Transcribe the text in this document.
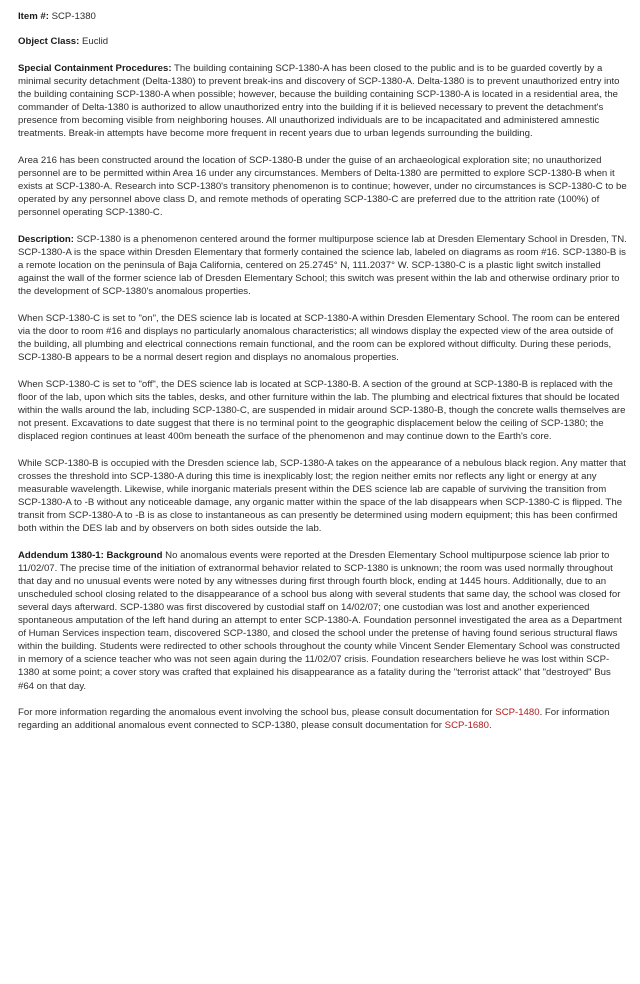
Item #: SCP-1380

Object Class: Euclid

Special Containment Procedures: The building containing SCP-1380-A has been closed to the public and is to be guarded covertly by a minimal security detachment (Delta-1380) to prevent break-ins and discovery of SCP-1380-A. Delta-1380 is to prevent unauthorized entry into the building containing SCP-1380-A when possible; however, because the building containing SCP-1380-A is located in a residential area, the commander of Delta-1380 is authorized to allow unauthorized entry into the building if it is believed necessary to prevent the detachment's presence from becoming visible from neighboring houses. All unauthorized individuals are to be incapacitated and administered amnestic treatments. Break-in attempts have become more frequent in recent years due to urban legends surrounding the building.

Area 216 has been constructed around the location of SCP-1380-B under the guise of an archaeological exploration site; no unauthorized personnel are to be permitted within Area 16 under any circumstances. Members of Delta-1380 are permitted to explore SCP-1380-B when it exists at SCP-1380-A. Research into SCP-1380's transitory phenomenon is to continue; however, under no circumstances is SCP-1380-C to be operated by any personnel above class D, and remote methods of operating SCP-1380-C are preferred due to the attrition rate (100%) of personnel operating SCP-1380-C.

Description: SCP-1380 is a phenomenon centered around the former multipurpose science lab at Dresden Elementary School in Dresden, TN. SCP-1380-A is the space within Dresden Elementary that formerly contained the science lab, labeled on diagrams as room #16. SCP-1380-B is a remote location on the peninsula of Baja California, centered on 25.2745° N, 111.2037° W. SCP-1380-C is a plastic light switch installed against the wall of the former science lab of Dresden Elementary School; this switch was present within the lab and otherwise ordinary prior to the development of SCP-1380's anomalous properties.

When SCP-1380-C is set to "on", the DES science lab is located at SCP-1380-A within Dresden Elementary School. The room can be entered via the door to room #16 and displays no particularly anomalous characteristics; all windows display the expected view of the area outside of the building, all plumbing and electrical connections remain functional, and the room can be explored without difficulty. During these periods, SCP-1380-B appears to be a normal desert region and displays no anomalous properties.

When SCP-1380-C is set to "off", the DES science lab is located at SCP-1380-B. A section of the ground at SCP-1380-B is replaced with the floor of the lab, upon which sits the tables, desks, and other furniture within the lab. The plumbing and electrical fixtures that should be located within the walls around the lab, including SCP-1380-C, are suspended in midair around SCP-1380-B, though the concrete walls themselves are not present. Excavations to date suggest that there is no terminal point to the geographic displacement below the ceiling of SCP-1380; the displaced region continues at least 400m beneath the surface of the phenomenon and may continue down to the Earth's core.

While SCP-1380-B is occupied with the Dresden science lab, SCP-1380-A takes on the appearance of a nebulous black region. Any matter that crosses the threshold into SCP-1380-A during this time is inexplicably lost; the region neither emits nor reflects any light or energy at any measurable wavelength. Likewise, while inorganic materials present within the DES science lab are capable of surviving the transition from SCP-1380-A to -B without any noticeable damage, any organic matter within the space of the lab disappears when SCP-1380-C is flipped. The transit from SCP-1380-A to -B is as close to instantaneous as can presently be determined using modern equipment; this has been confirmed both within the DES lab and by observers on both sides outside the lab.

Addendum 1380-1: Background No anomalous events were reported at the Dresden Elementary School multipurpose science lab prior to 11/02/07. The precise time of the initiation of extranormal behavior related to SCP-1380 is unknown; the room was used normally throughout that day and no unusual events were noted by any witnesses during first through fourth block, ending at 1445 hours. Additionally, due to an unscheduled school closing related to the disappearance of a school bus along with several students that same day, the school was closed for several days afterward. SCP-1380 was first discovered by custodial staff on 14/02/07; one custodian was lost and another experienced spontaneous amputation of the left hand during an attempt to enter SCP-1380-A. Foundation personnel investigated the area as a Department of Human Services inspection team, discovered SCP-1380, and closed the school under the pretense of having found serious structural flaws within the building. Students were redirected to other schools throughout the county while Vincent Sender Elementary School was constructed in memory of a science teacher who was not seen again during the 11/02/07 crisis. Foundation researchers believe he was lost within SCP-1380 at some point; a cover story was crafted that explained his disappearance as a fatality during the "terrorist attack" that "destroyed" Bus #64 on that day.

For more information regarding the anomalous event involving the school bus, please consult documentation for SCP-1480. For information regarding an additional anomalous event connected to SCP-1380, please consult documentation for SCP-1680.
